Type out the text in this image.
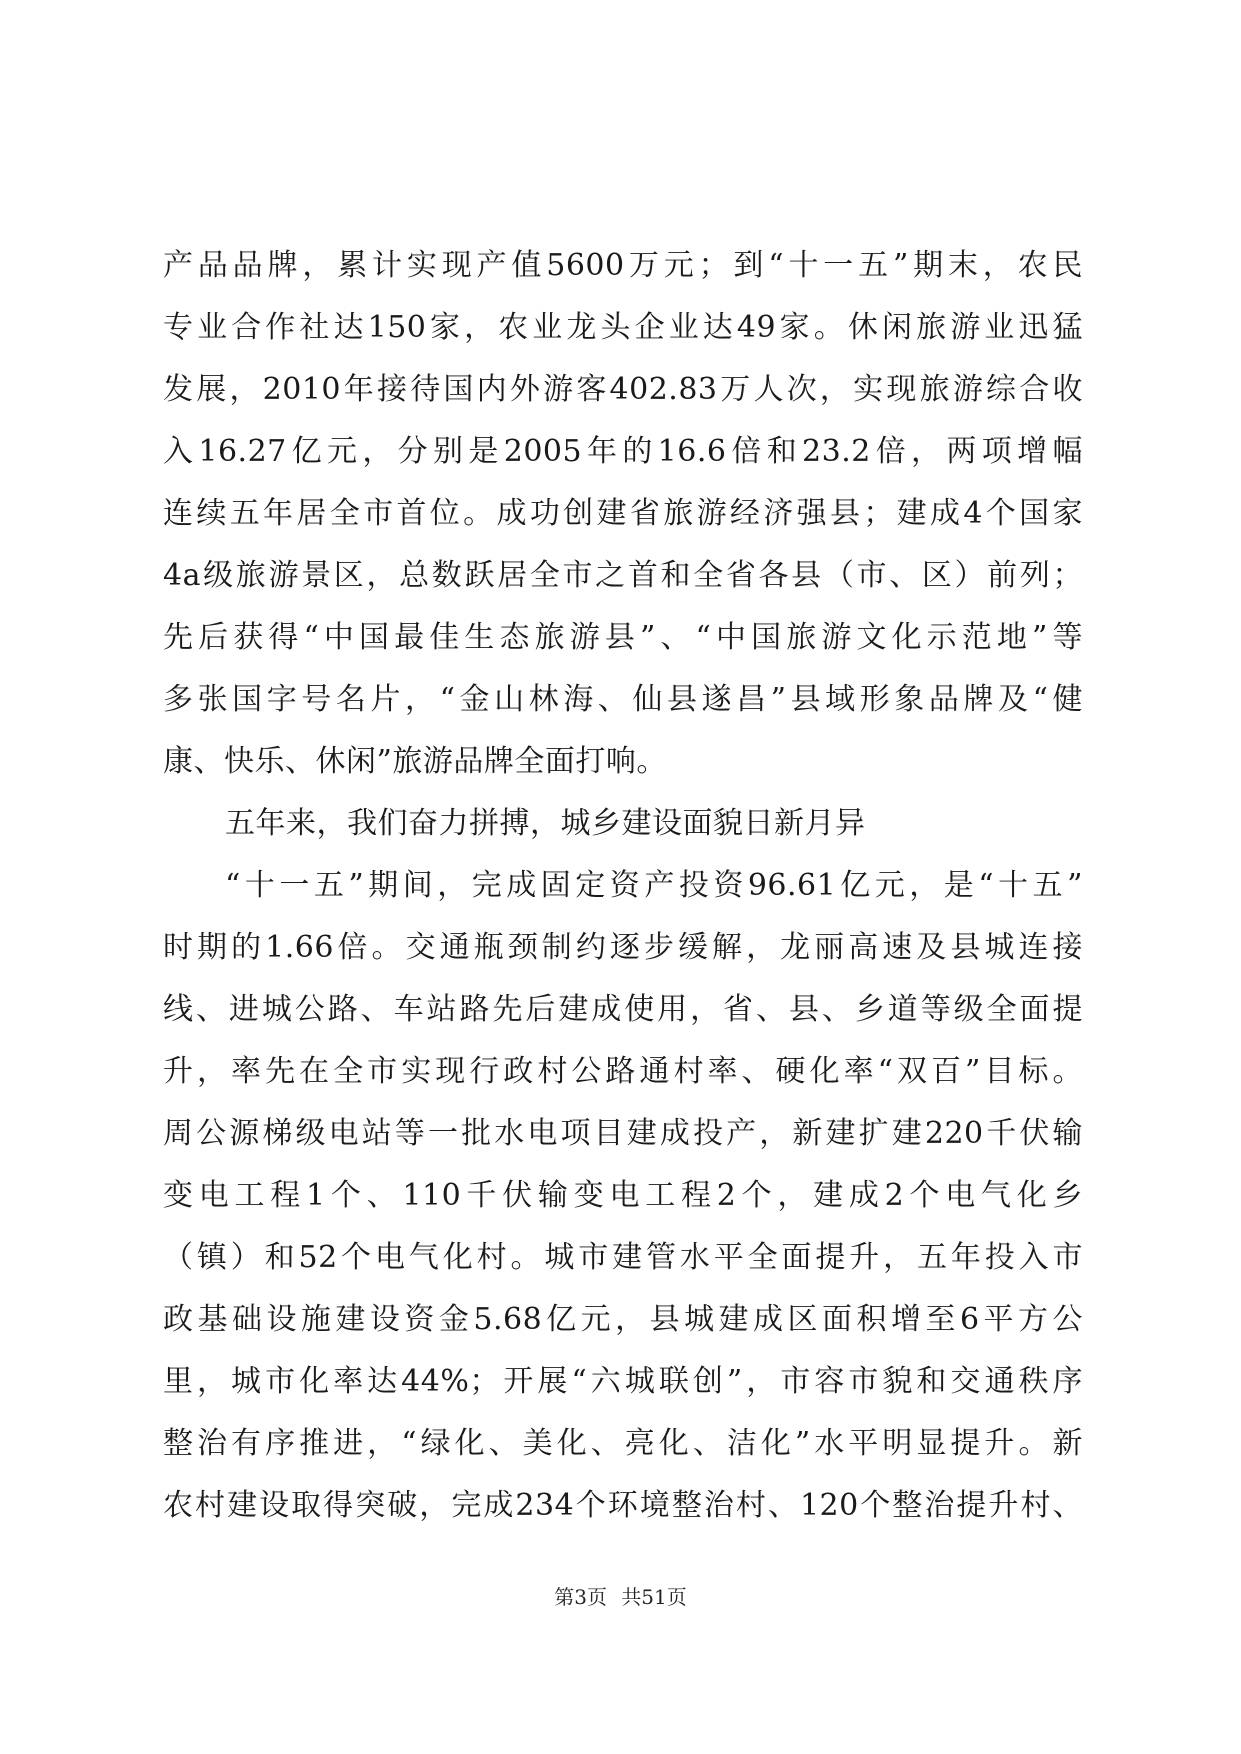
产品品牌，累计实现产值5600万元；到“十一五”期末，农民
专业合作社达150家，农业龙头企业达49家。休闲旅游业迅猛
发展，2010年接待国内外游客402.83万人次，实现旅游综合收
入16.27亿元，分别是2005年的16.6倍和23.2倍，两项增幅
连续五年居全市首位。成功创建省旅游经济强县；建成4个国家
4a级旅游景区，总数跃居全市之首和全省各县（市、区）前列；
先后获得“中国最佳生态旅游县”、“中国旅游文化示范地”等
多张国字号名片，“金山林海、仙县遂昌”县域形象品牌及“健
康、快乐、休闲”旅游品牌全面打响。
五年来，我们奋力拼搏，城乡建设面貌日新月异
“十一五”期间，完成固定资产投资96.61亿元，是“十五”
时期的1.66倍。交通瓶颈制约逐步缓解，龙丽高速及县城连接
线、进城公路、车站路先后建成使用，省、县、乡道等级全面提
升，率先在全市实现行政村公路通村率、硬化率“双百”目标。
周公源梯级电站等一批水电项目建成投产，新建扩建220千伏输
变电工程1个、110千伏输变电工程2个，建成2个电气化乡
（镇）和52个电气化村。城市建管水平全面提升，五年投入市
政基础设施建设资金5.68亿元，县城建成区面积增至6平方公
里，城市化率达44%；开展“六城联创”，市容市貌和交通秩序
整治有序推进，“绿化、美化、亮化、洁化”水平明显提升。新
农村建设取得突破，完成234个环境整治村、120个整治提升村、
第3页 共51页
